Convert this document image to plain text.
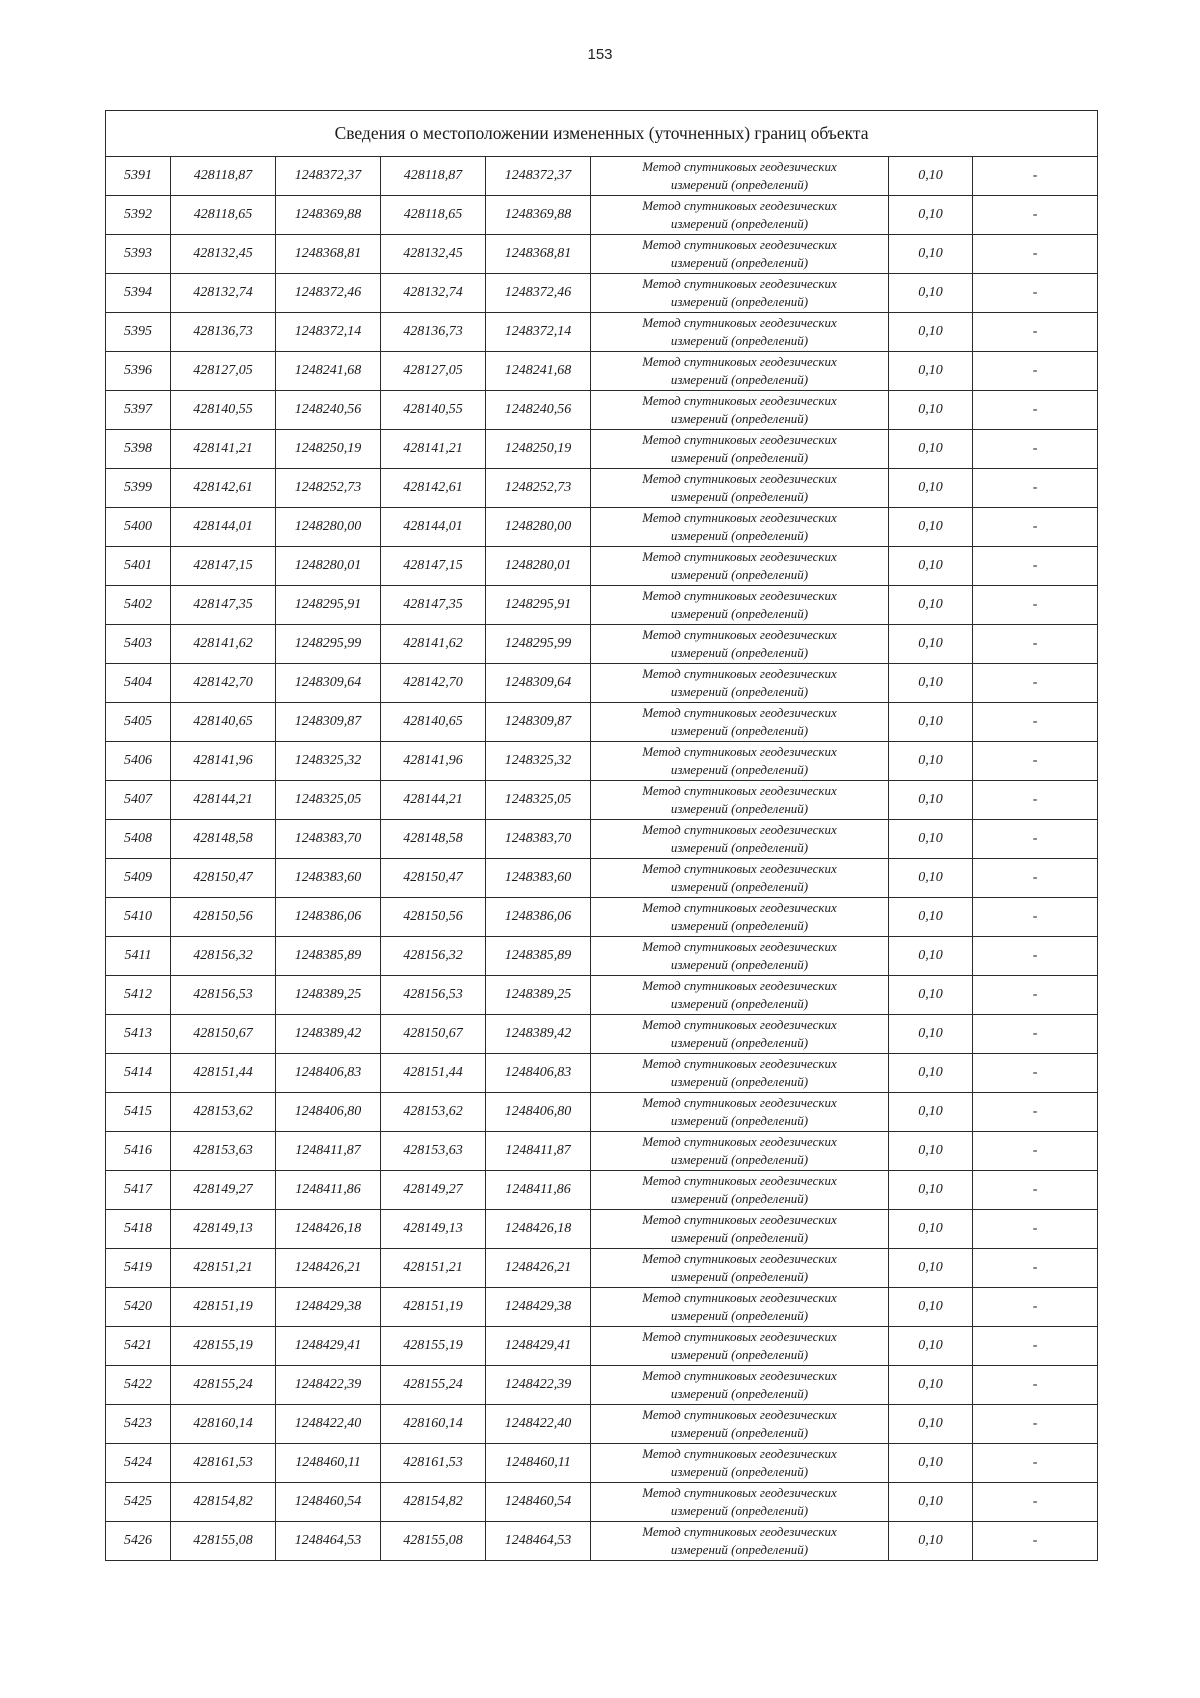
153
Сведения о местоположении измененных (уточненных) границ объекта							
5391	428118,87	1248372,37	428118,87	1248372,37	Метод спутниковых геодезических
измерений (определений)	0,10	-
5392	428118,65	1248369,88	428118,65	1248369,88	Метод спутниковых геодезических
измерений (определений)	0,10	-
5393	428132,45	1248368,81	428132,45	1248368,81	Метод спутниковых геодезических
измерений (определений)	0,10	-
5394	428132,74	1248372,46	428132,74	1248372,46	Метод спутниковых геодезических
измерений (определений)	0,10	-
5395	428136,73	1248372,14	428136,73	1248372,14	Метод спутниковых геодезических
измерений (определений)	0,10	-
5396	428127,05	1248241,68	428127,05	1248241,68	Метод спутниковых геодезических
измерений (определений)	0,10	-
5397	428140,55	1248240,56	428140,55	1248240,56	Метод спутниковых геодезических
измерений (определений)	0,10	-
5398	428141,21	1248250,19	428141,21	1248250,19	Метод спутниковых геодезических
измерений (определений)	0,10	-
5399	428142,61	1248252,73	428142,61	1248252,73	Метод спутниковых геодезических
измерений (определений)	0,10	-
5400	428144,01	1248280,00	428144,01	1248280,00	Метод спутниковых геодезических
измерений (определений)	0,10	-
5401	428147,15	1248280,01	428147,15	1248280,01	Метод спутниковых геодезических
измерений (определений)	0,10	-
5402	428147,35	1248295,91	428147,35	1248295,91	Метод спутниковых геодезических
измерений (определений)	0,10	-
5403	428141,62	1248295,99	428141,62	1248295,99	Метод спутниковых геодезических
измерений (определений)	0,10	-
5404	428142,70	1248309,64	428142,70	1248309,64	Метод спутниковых геодезических
измерений (определений)	0,10	-
5405	428140,65	1248309,87	428140,65	1248309,87	Метод спутниковых геодезических
измерений (определений)	0,10	-
5406	428141,96	1248325,32	428141,96	1248325,32	Метод спутниковых геодезических
измерений (определений)	0,10	-
5407	428144,21	1248325,05	428144,21	1248325,05	Метод спутниковых геодезических
измерений (определений)	0,10	-
5408	428148,58	1248383,70	428148,58	1248383,70	Метод спутниковых геодезических
измерений (определений)	0,10	-
5409	428150,47	1248383,60	428150,47	1248383,60	Метод спутниковых геодезических
измерений (определений)	0,10	-
5410	428150,56	1248386,06	428150,56	1248386,06	Метод спутниковых геодезических
измерений (определений)	0,10	-
5411	428156,32	1248385,89	428156,32	1248385,89	Метод спутниковых геодезических
измерений (определений)	0,10	-
5412	428156,53	1248389,25	428156,53	1248389,25	Метод спутниковых геодезических
измерений (определений)	0,10	-
5413	428150,67	1248389,42	428150,67	1248389,42	Метод спутниковых геодезических
измерений (определений)	0,10	-
5414	428151,44	1248406,83	428151,44	1248406,83	Метод спутниковых геодезических
измерений (определений)	0,10	-
5415	428153,62	1248406,80	428153,62	1248406,80	Метод спутниковых геодезических
измерений (определений)	0,10	-
5416	428153,63	1248411,87	428153,63	1248411,87	Метод спутниковых геодезических
измерений (определений)	0,10	-
5417	428149,27	1248411,86	428149,27	1248411,86	Метод спутниковых геодезических
измерений (определений)	0,10	-
5418	428149,13	1248426,18	428149,13	1248426,18	Метод спутниковых геодезических
измерений (определений)	0,10	-
5419	428151,21	1248426,21	428151,21	1248426,21	Метод спутниковых геодезических
измерений (определений)	0,10	-
5420	428151,19	1248429,38	428151,19	1248429,38	Метод спутниковых геодезических
измерений (определений)	0,10	-
5421	428155,19	1248429,41	428155,19	1248429,41	Метод спутниковых геодезических
измерений (определений)	0,10	-
5422	428155,24	1248422,39	428155,24	1248422,39	Метод спутниковых геодезических
измерений (определений)	0,10	-
5423	428160,14	1248422,40	428160,14	1248422,40	Метод спутниковых геодезических
измерений (определений)	0,10	-
5424	428161,53	1248460,11	428161,53	1248460,11	Метод спутниковых геодезических
измерений (определений)	0,10	-
5425	428154,82	1248460,54	428154,82	1248460,54	Метод спутниковых геодезических
измерений (определений)	0,10	-
5426	428155,08	1248464,53	428155,08	1248464,53	Метод спутниковых геодезических
измерений (определений)	0,10	-
